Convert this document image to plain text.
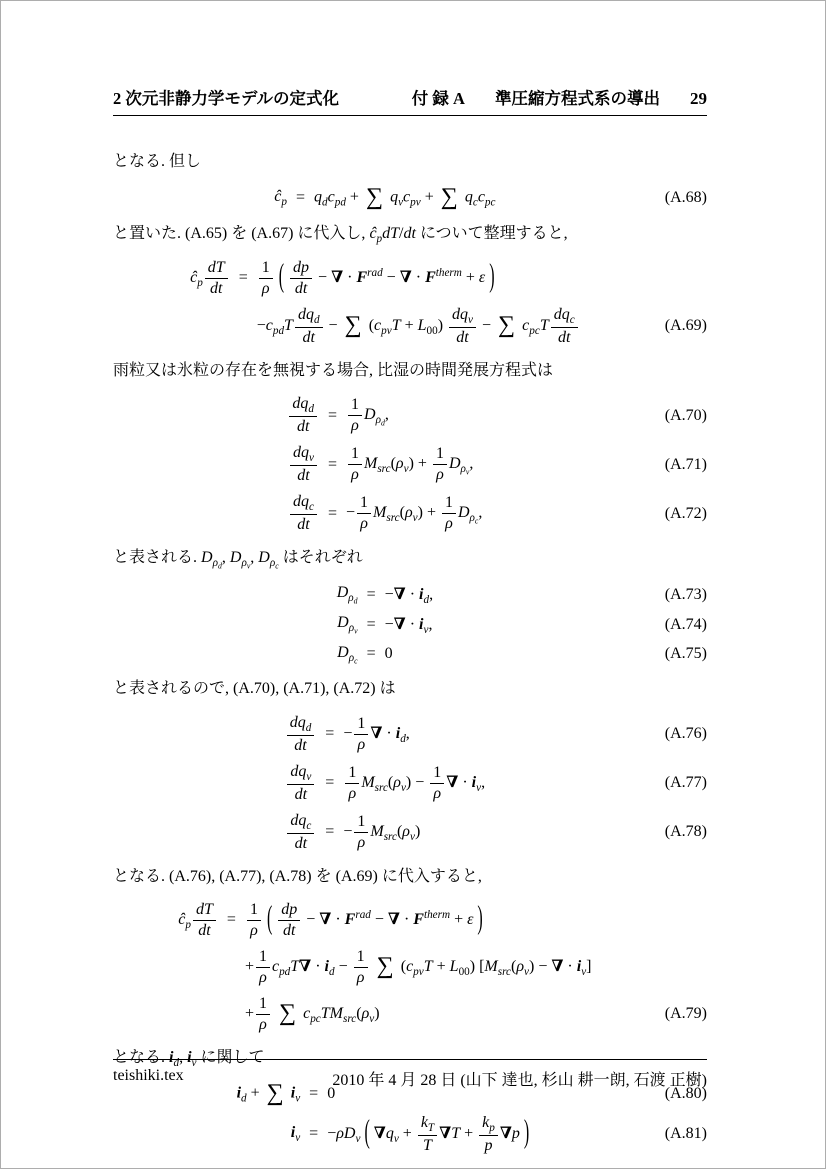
2 次元非静力学モデルの定式化	付 録 A 準圧縮方程式系の導出 29
となる. 但し
	$ĉ_p$	=	$q_dc_{pd}$ + ∑ $q_vc_{pv}$ + ∑ $q_cc_{pc}$		(A.68)
と置いた. (A.65) を (A.67) に代入し, $ĉ_pdT/dt$ について整理すると,
	$ĉ_p \frac{dT}{dt}$	=	$\frac{1}{\rho}$ ( $\frac{dp}{dt}$ − ∇ · $F^{rad}$ − ∇ · $F^{therm} + \varepsilon$ )		
			$-c_{pd}T \frac{dq_d}{dt}$ − ∑ $(c_{pv}T + L_{00}) \frac{dq_v}{dt}$ − ∑ $c_{pc}T \frac{dq_c}{dt}$		(A.69)
雨粒又は氷粒の存在を無視する場合, 比湿の時間発展方程式は

$\frac{dq_d}{dt}$	=	$\frac{1}{\rho} D_{\rho_d}$,		(A.70)

$\frac{dq_v}{dt}$	=	$\frac{1}{\rho} M_{src}(\rho_v) + \frac{1}{\rho} D_{\rho_v}$,		(A.71)

$\frac{dq_c}{dt}$	=	− $\frac{1}{\rho} M_{src}(\rho_v) + \frac{1}{\rho} D_{\rho_c}$,		(A.72)
と表される. $D_{\rho_d}$, $D_{\rho_v}$, $D_{\rho_c}$ はそれぞれ
	$D_{\rho_d}$	=	−∇ · $i_d$,		(A.73)
	$D_{\rho_v}$	=	−∇ · $i_v$,		(A.74)
	$D_{\rho_c}$	=	0		(A.75)
と表されるので, (A.70), (A.71), (A.72) は

$\frac{dq_d}{dt}$	=	− $\frac{1}{\rho}$ ∇ · $i_d$,		(A.76)

$\frac{dq_v}{dt}$	=	$\frac{1}{\rho} M_{src}(\rho_v) - \frac{1}{\rho}$ ∇ · $i_v$,		(A.77)

$\frac{dq_c}{dt}$	=	− $\frac{1}{\rho} M_{src}(\rho_v)$		(A.78)
となる. (A.76), (A.77), (A.78) を (A.69) に代入すると,
	$ĉ_p \frac{dT}{dt}$	=	$\frac{1}{\rho}$ ( $\frac{dp}{dt}$ − ∇ · $F^{rad}$ − ∇ · $F^{therm} + \varepsilon$ )		
			+ $\frac{1}{\rho} c_{pd}T\nabla \cdot i_d - \frac{1}{\rho}$ ∑ $(c_{pv}T + L_{00}) [M_{src}(\rho_v)$ − ∇ · $i_v$]		
			+ $\frac{1}{\rho}$ ∑ $c_{pc}TM_{src}(\rho_v)$		(A.79)
となる. $i_d$, $i_v$ に関して
	$i_d$ + ∑ $i_v$	=	0		(A.80)
	$i_v$	=	$-\rho D_v$ ( $\nabla q_v + \frac{k_T}{T} \nabla T + \frac{k_p}{p} \nabla p$ )		(A.81)
teishiki.tex	2010 年 4 月 28 日 (山下 達也, 杉山 耕一朗, 石渡 正樹)
